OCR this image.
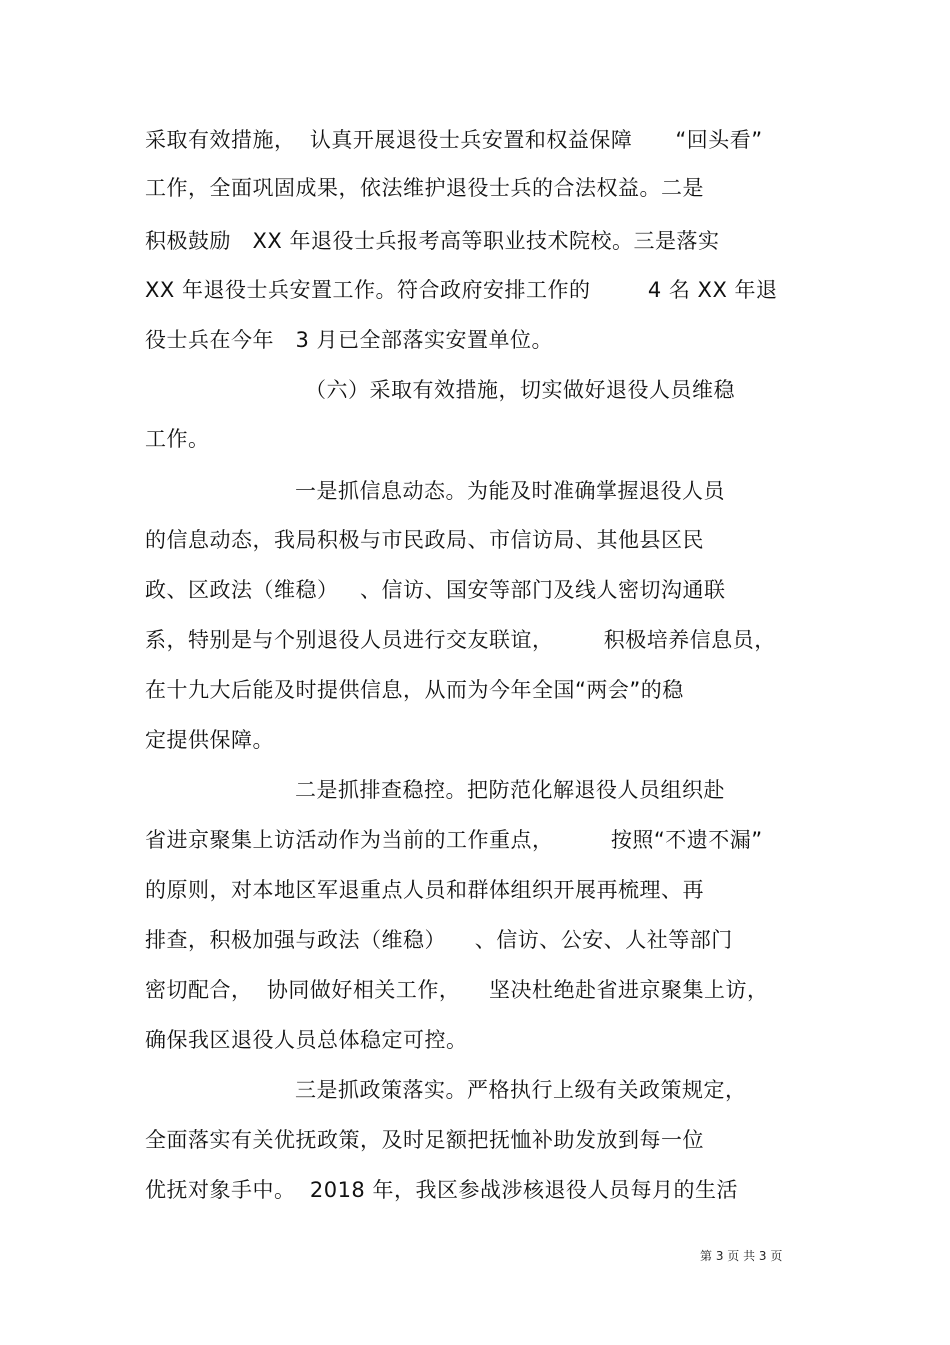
采取有效措施，  认真开展退役士兵安置和权益保障      “回头看”
工作，全面巩固成果，依法维护退役士兵的合法权益。二是
积极鼓励   XX 年退役士兵报考高等职业技术院校。三是落实
XX 年退役士兵安置工作。符合政府安排工作的        4 名 XX 年退
役士兵在今年   3 月已全部落实安置单位。
（六）采取有效措施，切实做好退役人员维稳
工作。
一是抓信息动态。为能及时准确掌握退役人员
的信息动态，我局积极与市民政局、市信访局、其他县区民
政、区政法（维稳）   、信访、国安等部门及线人密切沟通联
系，特别是与个别退役人员进行交友联谊，       积极培养信息员，
在十九大后能及时提供信息，从而为今年全国“两会”的稳
定提供保障。
二是抓排查稳控。把防范化解退役人员组织赴
省进京聚集上访活动作为当前的工作重点，        按照“不遗不漏”
的原则，对本地区军退重点人员和群体组织开展再梳理、再
排查，积极加强与政法（维稳）    、信访、公安、人社等部门
密切配合，  协同做好相关工作，    坚决杜绝赴省进京聚集上访，
确保我区退役人员总体稳定可控。
三是抓政策落实。严格执行上级有关政策规定，
全面落实有关优抚政策，及时足额把抚恤补助发放到每一位
优抚对象手中。  2018 年，我区参战涉核退役人员每月的生活
第 3 页 共 3 页
